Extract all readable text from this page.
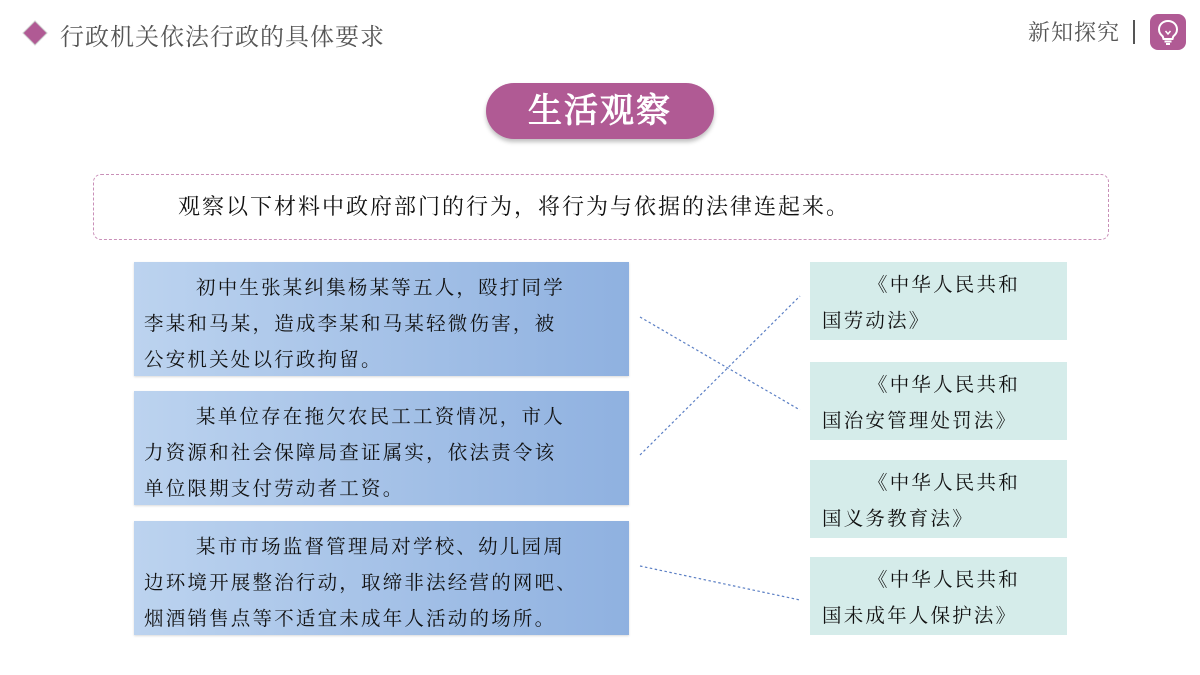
行政机关依法行政的具体要求	新知探究
生活观察
观察以下材料中政府部门的行为，将行为与依据的法律连起来。
初中生张某纠集杨某等五人，殴打同学
李某和马某，造成李某和马某轻微伤害，被
公安机关处以行政拘留。
某单位存在拖欠农民工工资情况，市人
力资源和社会保障局查证属实，依法责令该
单位限期支付劳动者工资。
某市市场监督管理局对学校、幼儿园周
边环境开展整治行动，取缔非法经营的网吧、
烟酒销售点等不适宜未成年人活动的场所。
《中华人民共和
国劳动法》
《中华人民共和
国治安管理处罚法》
《中华人民共和
国义务教育法》
《中华人民共和
国未成年人保护法》
